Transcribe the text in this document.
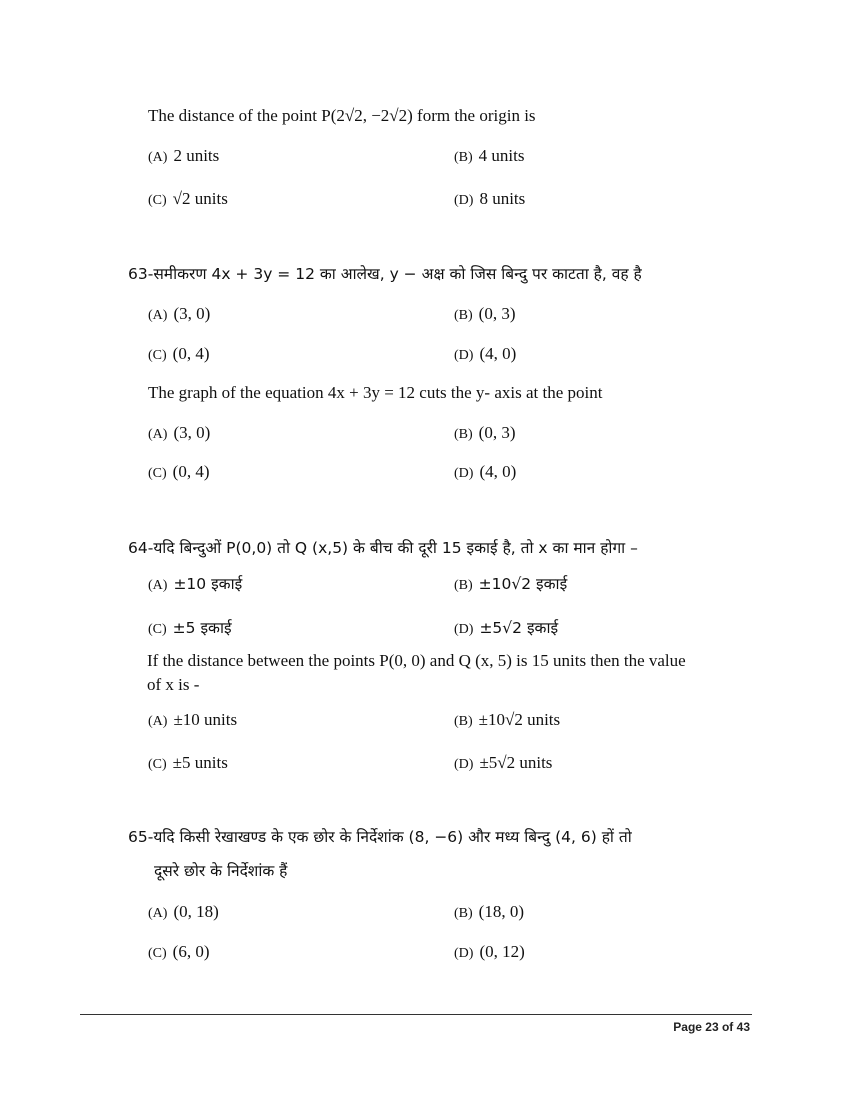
The distance of the point P(2√2, −2√2) form the origin is
(A) 2 units	(B) 4 units
(C) √2 units	(D) 8 units
63-समीकरण 4x + 3y = 12 का आलेख, y − अक्ष को जिस बिन्दु पर काटता है, वह है
(A) (3, 0)	(B) (0, 3)
(C) (0, 4)	(D) (4, 0)
The graph of the equation 4x + 3y = 12 cuts the y- axis at the point
(A) (3, 0)	(B) (0, 3)
(C) (0, 4)	(D) (4, 0)
64-यदि बिन्दुओं P(0,0) तो Q (x,5) के बीच की दूरी 15 इकाई है, तो x का मान होगा –
(A) ±10 इकाई	(B) ±10√2 इकाई
(C) ±5 इकाई	(D) ±5√2 इकाई
If the distance between the points P(0, 0) and Q (x, 5) is 15 units then the value
of x is -
(A) ±10 units	(B) ±10√2 units
(C) ±5 units	(D) ±5√2 units
65-यदि किसी रेखाखण्ड के एक छोर के निर्देशांक (8, −6) और मध्य बिन्दु (4, 6) हों तो
दूसरे छोर के निर्देशांक हैं
(A) (0, 18)	(B) (18, 0)
(C) (6, 0)	(D) (0, 12)
Page 23 of 43
